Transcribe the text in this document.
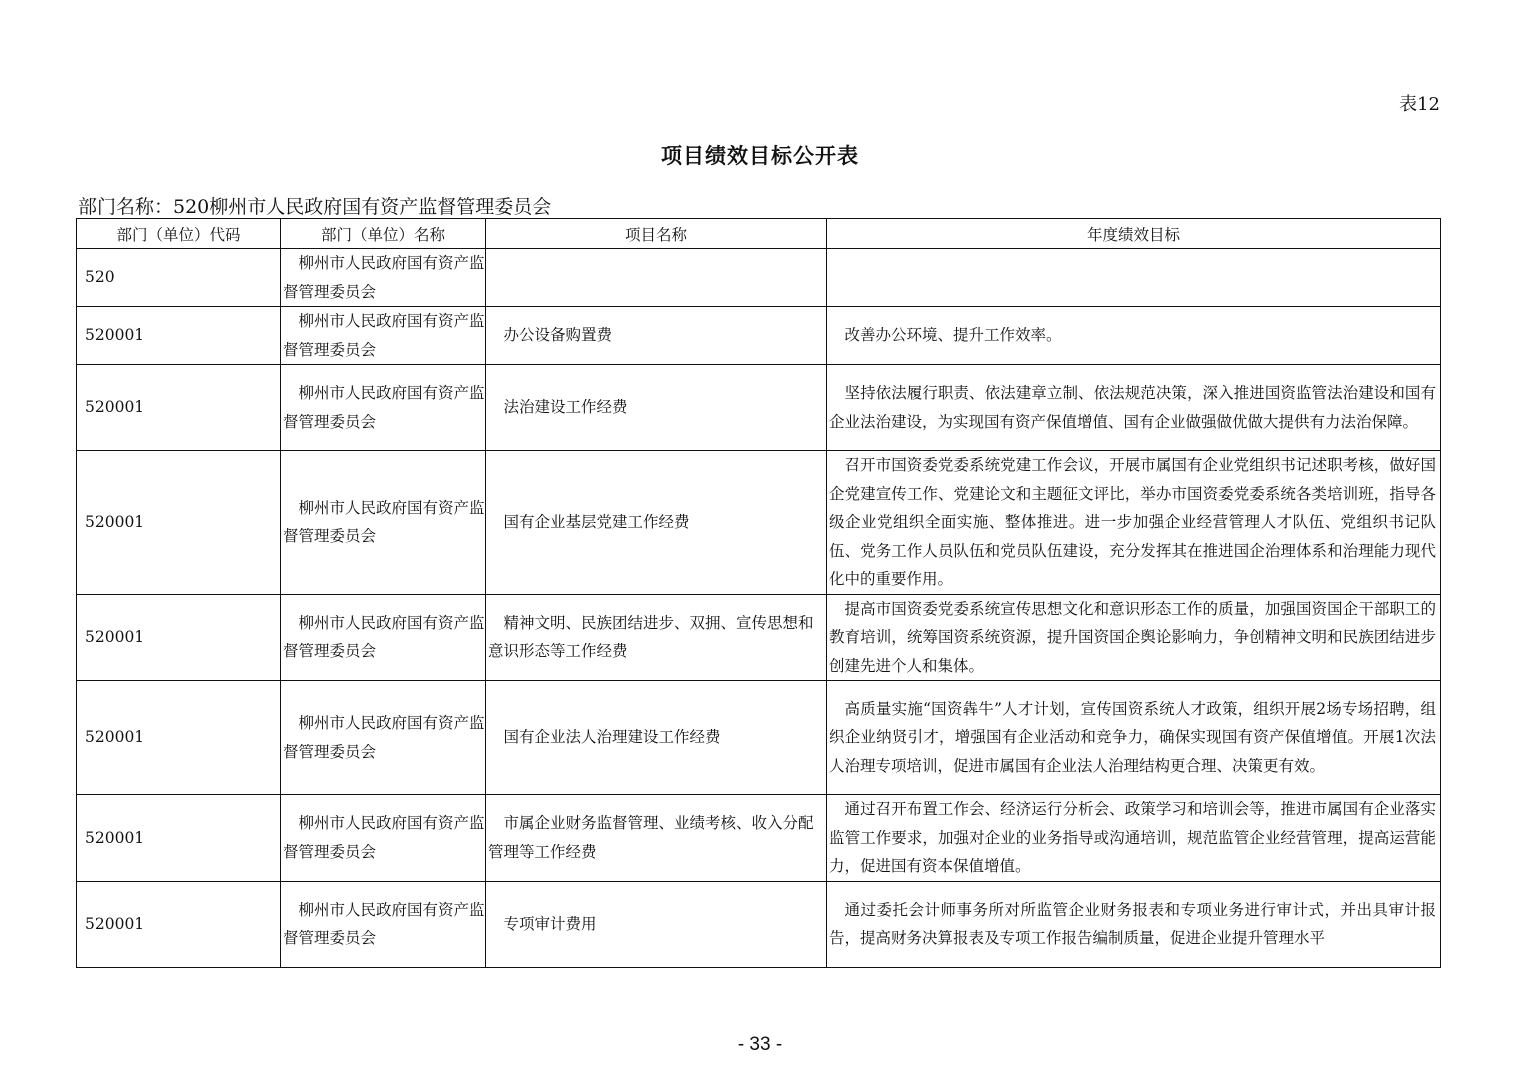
表12
项目绩效目标公开表
部门名称：520柳州市人民政府国有资产监督管理委员会
部门（单位）代码	部门（单位）名称	项目名称	年度绩效目标
520	柳州市人民政府国有资产监督管理委员会		
520001	柳州市人民政府国有资产监督管理委员会	办公设备购置费	改善办公环境、提升工作效率。
520001	柳州市人民政府国有资产监督管理委员会	法治建设工作经费	坚持依法履行职责、依法建章立制、依法规范决策，深入推进国资监管法治建设和国有企业法治建设，为实现国有资产保值增值、国有企业做强做优做大提供有力法治保障。
520001	柳州市人民政府国有资产监督管理委员会	国有企业基层党建工作经费	召开市国资委党委系统党建工作会议，开展市属国有企业党组织书记述职考核，做好国企党建宣传工作、党建论文和主题征文评比，举办市国资委党委系统各类培训班，指导各级企业党组织全面实施、整体推进。进一步加强企业经营管理人才队伍、党组织书记队伍、党务工作人员队伍和党员队伍建设，充分发挥其在推进国企治理体系和治理能力现代化中的重要作用。
520001	柳州市人民政府国有资产监督管理委员会	精神文明、民族团结进步、双拥、宣传思想和意识形态等工作经费	提高市国资委党委系统宣传思想文化和意识形态工作的质量，加强国资国企干部职工的教育培训，统筹国资系统资源，提升国资国企舆论影响力，争创精神文明和民族团结进步创建先进个人和集体。
520001	柳州市人民政府国有资产监督管理委员会	国有企业法人治理建设工作经费	高质量实施“国资犇牛”人才计划，宣传国资系统人才政策，组织开展2场专场招聘，组织企业纳贤引才，增强国有企业活动和竞争力，确保实现国有资产保值增值。开展1次法人治理专项培训，促进市属国有企业法人治理结构更合理、决策更有效。
520001	柳州市人民政府国有资产监督管理委员会	市属企业财务监督管理、业绩考核、收入分配管理等工作经费	通过召开布置工作会、经济运行分析会、政策学习和培训会等，推进市属国有企业落实监管工作要求，加强对企业的业务指导或沟通培训，规范监管企业经营管理，提高运营能力，促进国有资本保值增值。
520001	柳州市人民政府国有资产监督管理委员会	专项审计费用	通过委托会计师事务所对所监管企业财务报表和专项业务进行审计式，并出具审计报告，提高财务决算报表及专项工作报告编制质量，促进企业提升管理水平
- 33 -
